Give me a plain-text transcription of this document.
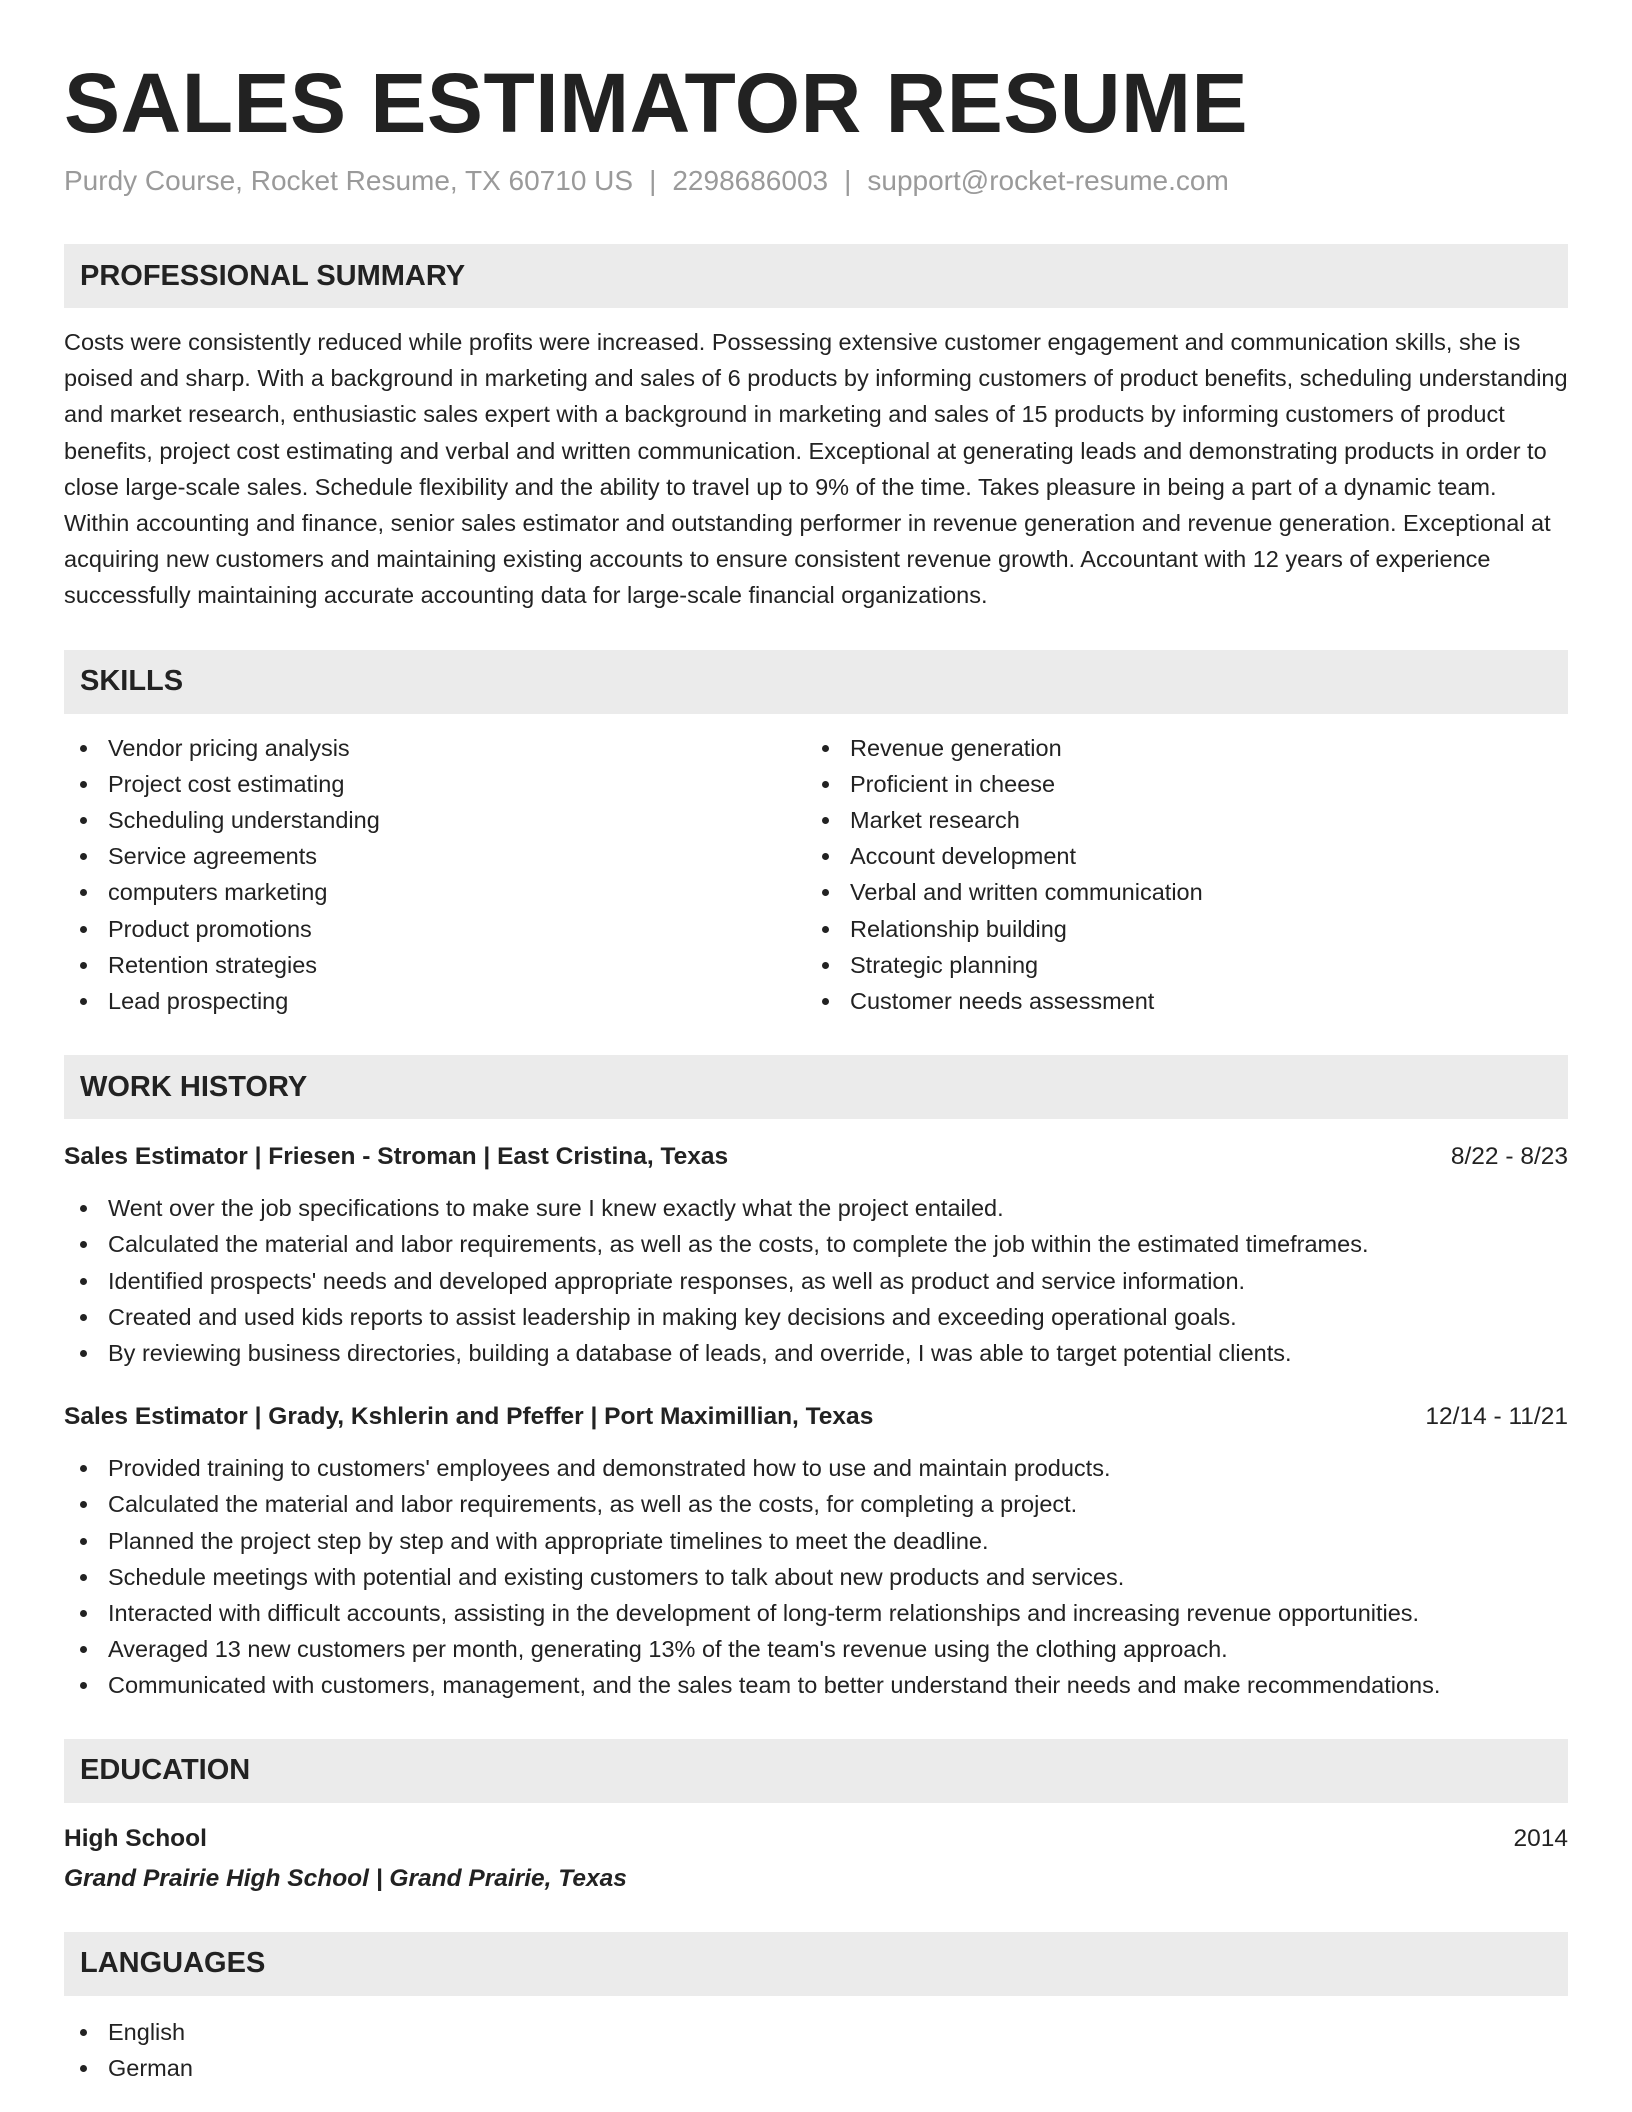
SALES ESTIMATOR RESUME
Purdy Course, Rocket Resume, TX 60710 US | 2298686003 | support@rocket-resume.com
PROFESSIONAL SUMMARY
Costs were consistently reduced while profits were increased. Possessing extensive customer engagement and communication skills, she is poised and sharp. With a background in marketing and sales of 6 products by informing customers of product benefits, scheduling understanding and market research, enthusiastic sales expert with a background in marketing and sales of 15 products by informing customers of product benefits, project cost estimating and verbal and written communication. Exceptional at generating leads and demonstrating products in order to close large-scale sales. Schedule flexibility and the ability to travel up to 9% of the time. Takes pleasure in being a part of a dynamic team. Within accounting and finance, senior sales estimator and outstanding performer in revenue generation and revenue generation. Exceptional at acquiring new customers and maintaining existing accounts to ensure consistent revenue growth. Accountant with 12 years of experience successfully maintaining accurate accounting data for large-scale financial organizations.
SKILLS
Vendor pricing analysis
Project cost estimating
Scheduling understanding
Service agreements
computers marketing
Product promotions
Retention strategies
Lead prospecting
Revenue generation
Proficient in cheese
Market research
Account development
Verbal and written communication
Relationship building
Strategic planning
Customer needs assessment
WORK HISTORY
Sales Estimator | Friesen - Stroman | East Cristina, Texas	8/22 - 8/23
Went over the job specifications to make sure I knew exactly what the project entailed.
Calculated the material and labor requirements, as well as the costs, to complete the job within the estimated timeframes.
Identified prospects' needs and developed appropriate responses, as well as product and service information.
Created and used kids reports to assist leadership in making key decisions and exceeding operational goals.
By reviewing business directories, building a database of leads, and override, I was able to target potential clients.
Sales Estimator | Grady, Kshlerin and Pfeffer | Port Maximillian, Texas	12/14 - 11/21
Provided training to customers' employees and demonstrated how to use and maintain products.
Calculated the material and labor requirements, as well as the costs, for completing a project.
Planned the project step by step and with appropriate timelines to meet the deadline.
Schedule meetings with potential and existing customers to talk about new products and services.
Interacted with difficult accounts, assisting in the development of long-term relationships and increasing revenue opportunities.
Averaged 13 new customers per month, generating 13% of the team's revenue using the clothing approach.
Communicated with customers, management, and the sales team to better understand their needs and make recommendations.
EDUCATION
High School	2014
Grand Prairie High School | Grand Prairie, Texas
LANGUAGES
English
German
